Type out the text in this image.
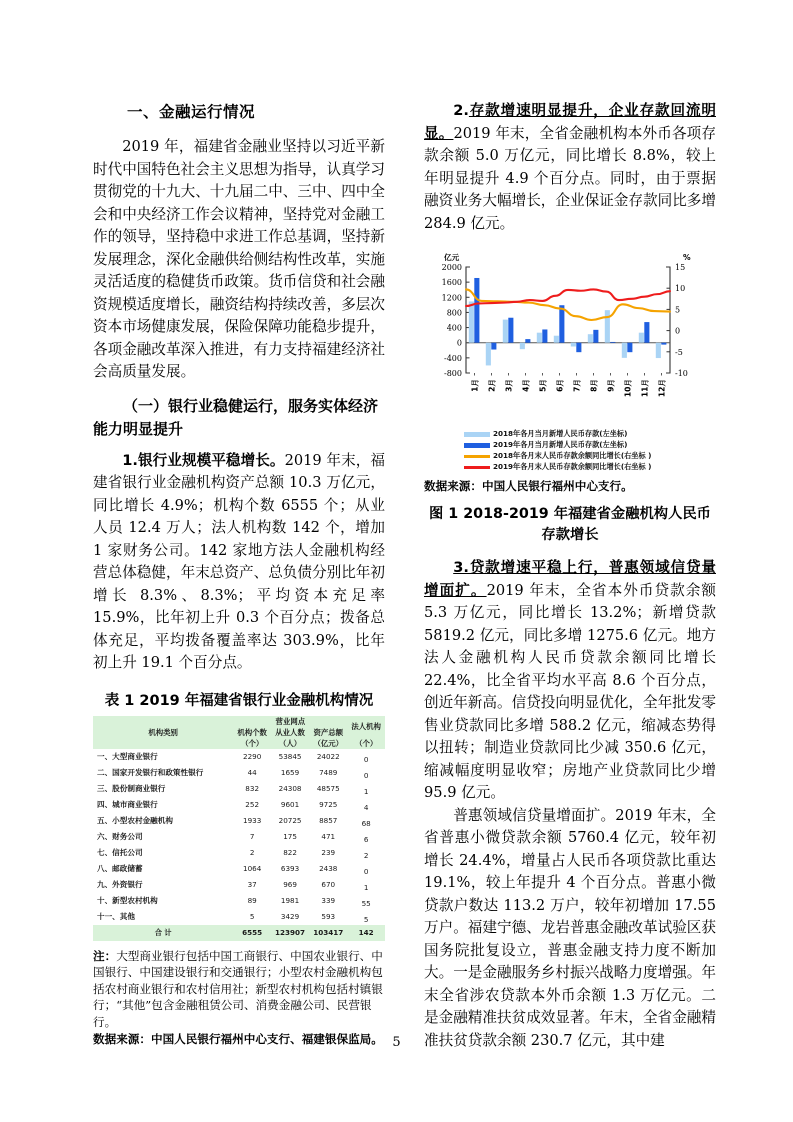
一、金融运行情况

2019 年，福建省金融业坚持以习近平新时代中国特色社会主义思想为指导，认真学习贯彻党的十九大、十九届二中、三中、四中全会和中央经济工作会议精神，坚持党对金融工作的领导，坚持稳中求进工作总基调，坚持新发展理念，深化金融供给侧结构性改革，实施灵活适度的稳健货币政策。货币信贷和社会融资规模适度增长，融资结构持续改善，多层次资本市场健康发展，保险保障功能稳步提升，各项金融改革深入推进，有力支持福建经济社会高质量发展。

（一）银行业稳健运行，服务实体经济能力明显提升

1.银行业规模平稳增长。2019 年末，福建省银行业金融机构资产总额 10.3 万亿元，同比增长 4.9%；机构个数 6555 个；从业人员 12.4 万人；法人机构数 142 个，增加 1 家财务公司。142 家地方法人金融机构经营总体稳健，年末总资产、总负债分别比年初增长 8.3%、8.3%；平均资本充足率 15.9%，比年初上升 0.3 个百分点；拨备总体充足，平均拨备覆盖率达 303.9%，比年初上升 19.1 个百分点。

表 1 2019 年福建省银行业金融机构情况
机构类别	营业网点			法人机构
	机构个数	从业人数	资产总额	
	（个）	（人）	（亿元）	（个）
一、大型商业银行	2290	53845	24022	0
二、国家开发银行和政策性银行	44	1659	7489	0
三、股份制商业银行	832	24308	48575	1
四、城市商业银行	252	9601	9725	4
五、小型农村金融机构	1933	20725	8857	68
六、财务公司	7	175	471	6
七、信托公司	2	822	239	2
八、邮政储蓄	1064	6393	2438	0
九、外资银行	37	969	670	1
十、新型农村机构	89	1981	339	55
十一、其他	5	3429	593	5
合 计	6555	123907	103417	142
注：大型商业银行包括中国工商银行、中国农业银行、中国银行、中国建设银行和交通银行；小型农村金融机构包括农村商业银行和农村信用社；新型农村机构包括村镇银行；“其他”包含金融租赁公司、消费金融公司、民营银行。
数据来源：中国人民银行福州中心支行、福建银保监局。

2.存款增速明显提升，企业存款回流明显。2019 年末，全省金融机构本外币各项存款余额 5.0 万亿元，同比增长 8.8%，较上年明显提升 4.9 个百分点。同时，由于票据融资业务大幅增长，企业保证金存款同比多增 284.9 亿元。

亿元	%
-800
-400
0
400
800
1200
1600
2000
-10
-5
0
5
10
15
1月 2月 3月 4月 5月 6月 7月 8月 9月 10月 11月 12月
2018年各月当月新增人民币存款(左坐标)
2019年各月当月新增人民币存款(左坐标)
2018年各月末人民币存款余额同比增长(右坐标 )
2019年各月末人民币存款余额同比增长(右坐标 )
数据来源：中国人民银行福州中心支行。
图 1 2018-2019 年福建省金融机构人民币存款增长

3.贷款增速平稳上行，普惠领域信贷量增面扩。2019 年末，全省本外币贷款余额 5.3 万亿元，同比增长 13.2%；新增贷款 5819.2 亿元，同比多增 1275.6 亿元。地方法人金融机构人民币贷款余额同比增长 22.4%，比全省平均水平高 8.6 个百分点，创近年新高。信贷投向明显优化，全年批发零售业贷款同比多增 588.2 亿元，缩减态势得以扭转；制造业贷款同比少减 350.6 亿元，缩减幅度明显收窄；房地产业贷款同比少增 95.9 亿元。

普惠领域信贷量增面扩。2019 年末，全省普惠小微贷款余额 5760.4 亿元，较年初增长 24.4%，增量占人民币各项贷款比重达 19.1%，较上年提升 4 个百分点。普惠小微贷款户数达 113.2 万户，较年初增加 17.55 万户。福建宁德、龙岩普惠金融改革试验区获国务院批复设立，普惠金融支持力度不断加大。一是金融服务乡村振兴战略力度增强。年末全省涉农贷款本外币余额 1.3 万亿元。二是金融精准扶贫成效显著。年末，全省金融精准扶贫贷款余额 230.7 亿元，其中建

5
